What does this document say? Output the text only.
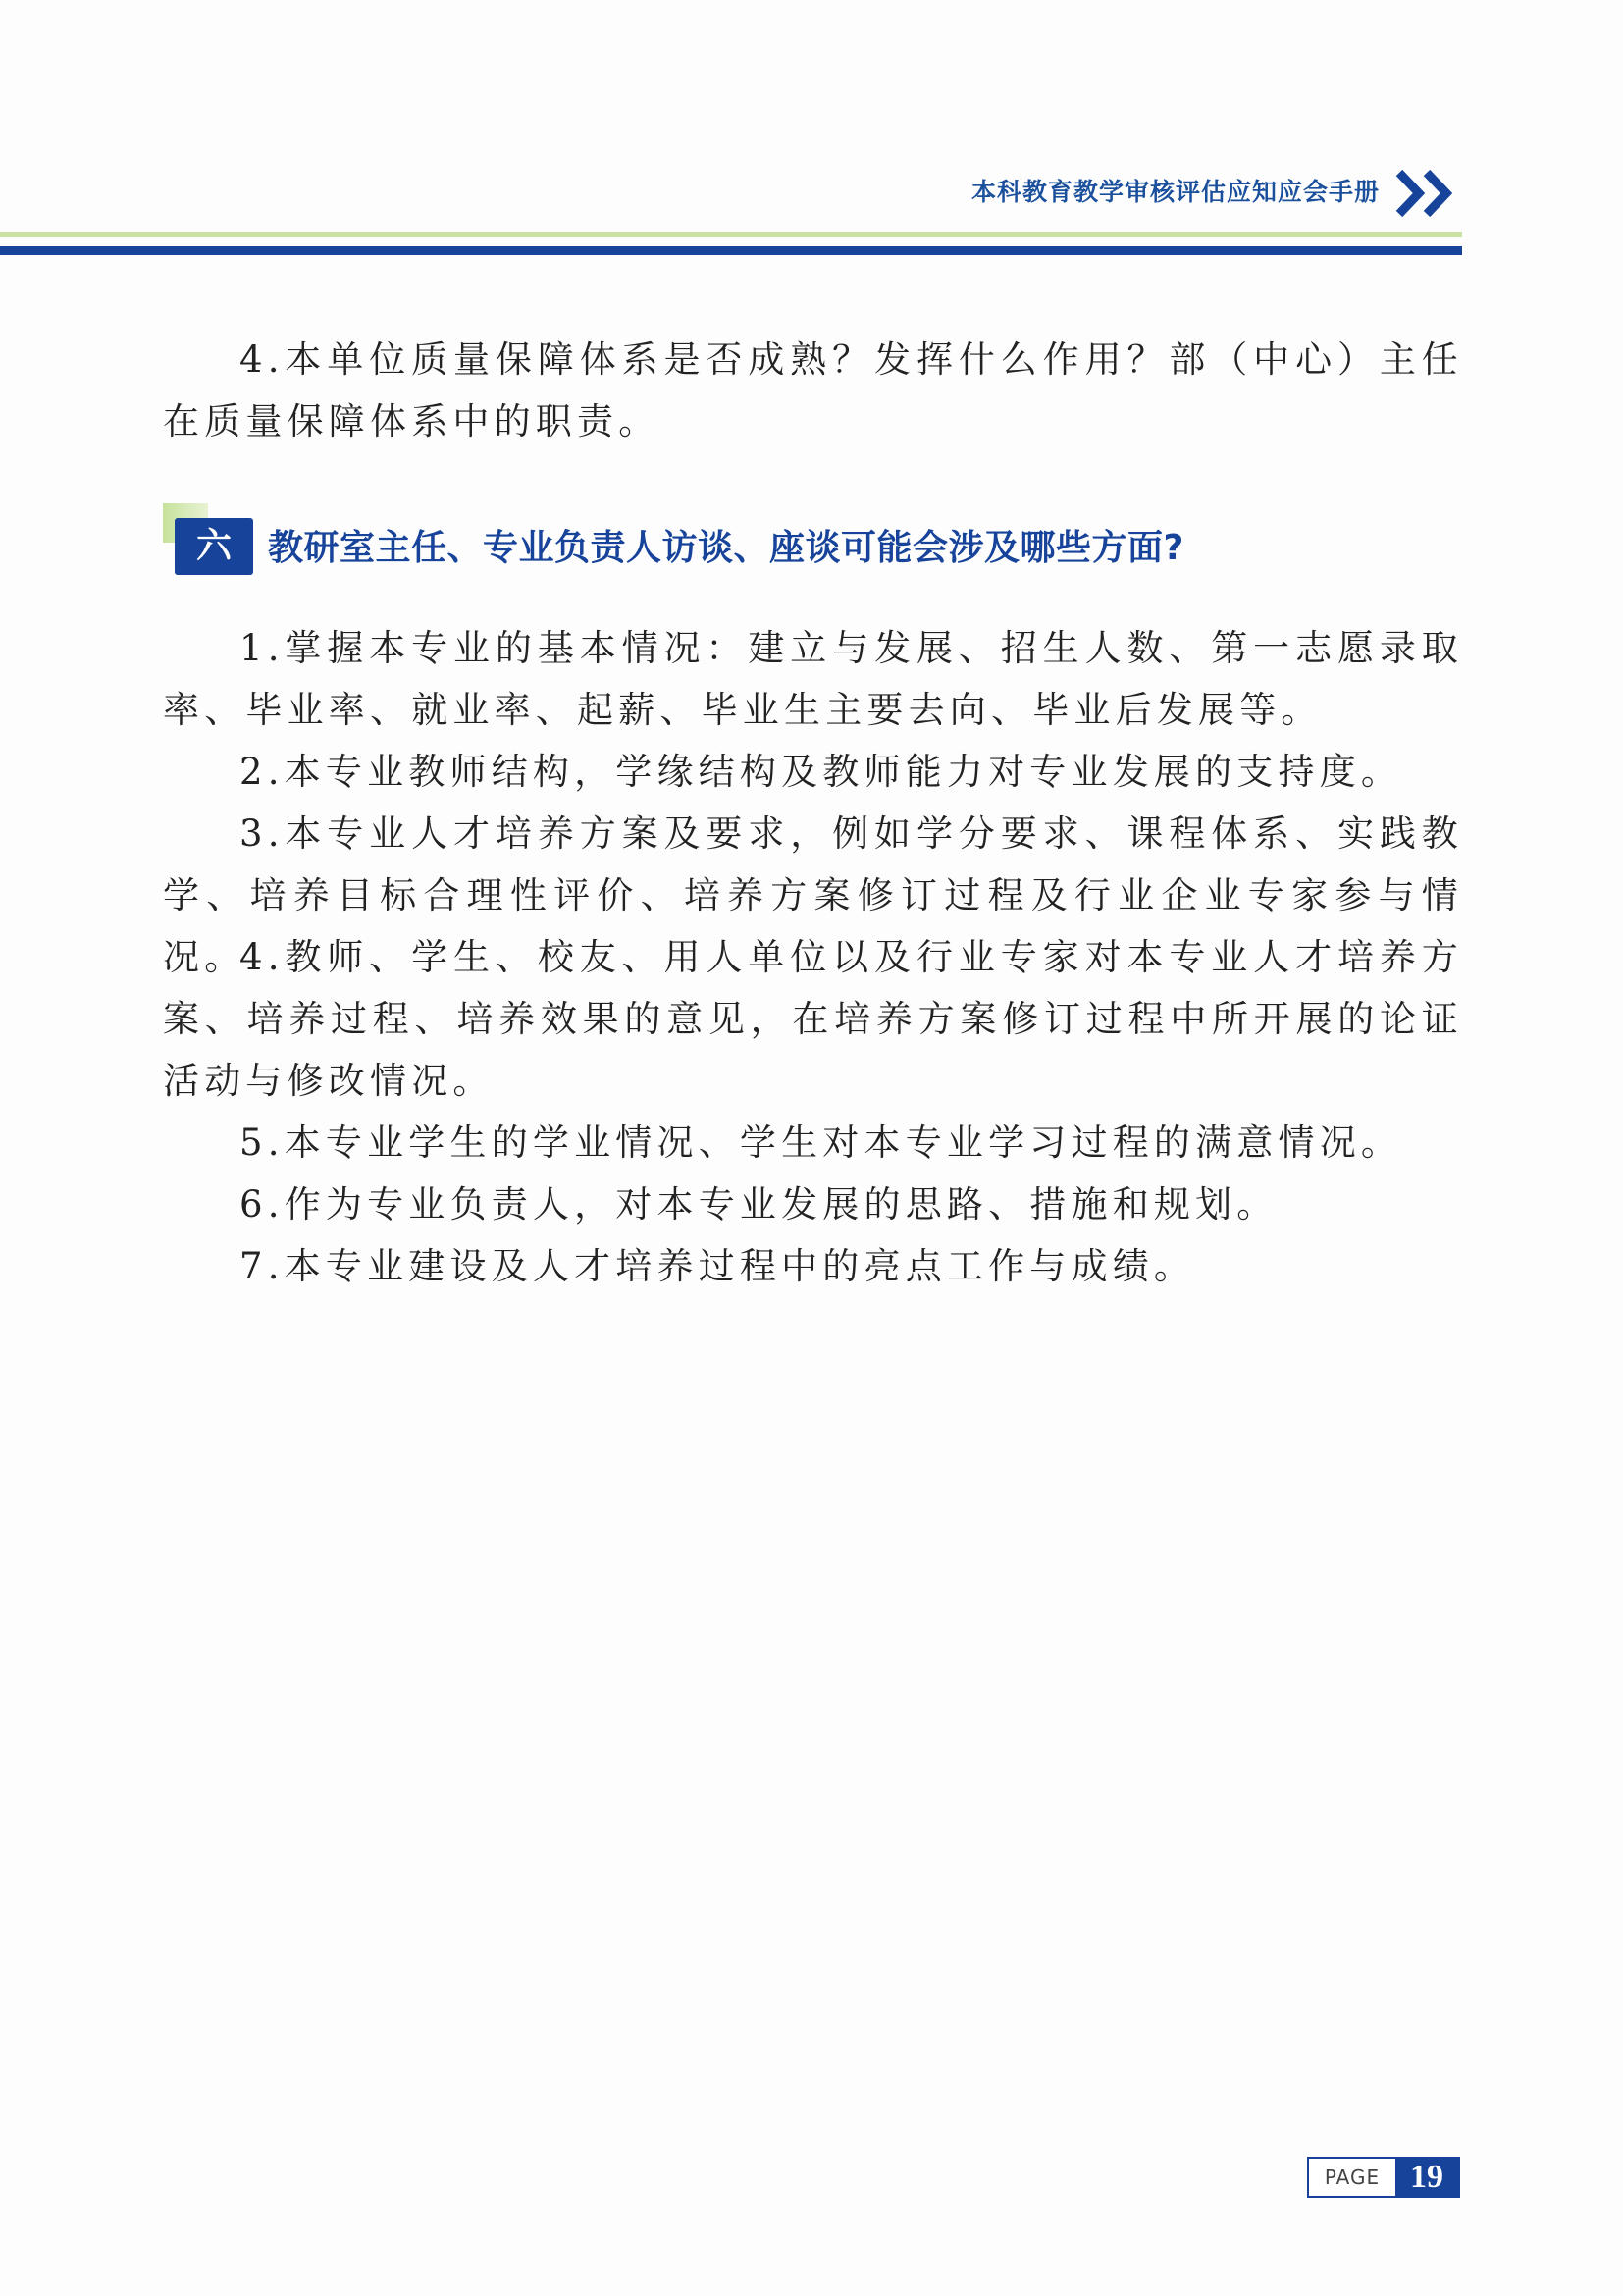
本科教育教学审核评估应知应会手册

4.本单位质量保障体系是否成熟？发挥什么作用？部（中心）主任在质量保障体系中的职责。

六	教研室主任、专业负责人访谈、座谈可能会涉及哪些方面?

1.掌握本专业的基本情况：建立与发展、招生人数、第一志愿录取率、毕业率、就业率、起薪、毕业生主要去向、毕业后发展等。

2.本专业教师结构，学缘结构及教师能力对专业发展的支持度。

3.本专业人才培养方案及要求，例如学分要求、课程体系、实践教学、培养目标合理性评价、培养方案修订过程及行业企业专家参与情况。

4.教师、学生、校友、用人单位以及行业专家对本专业人才培养方案、培养过程、培养效果的意见，在培养方案修订过程中所开展的论证活动与修改情况。

5.本专业学生的学业情况、学生对本专业学习过程的满意情况。

6.作为专业负责人，对本专业发展的思路、措施和规划。

7.本专业建设及人才培养过程中的亮点工作与成绩。

PAGE 19
